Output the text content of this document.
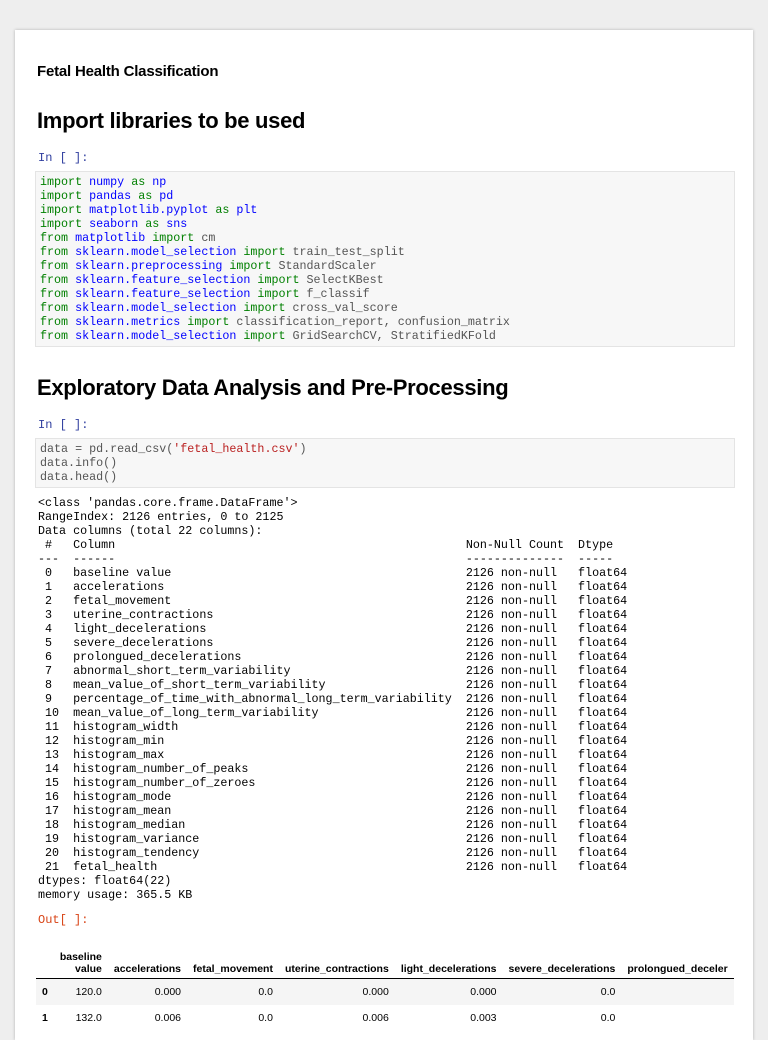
Fetal Health Classification
Import libraries to be used
In [ ]:
import numpy as np
import pandas as pd
import matplotlib.pyplot as plt
import seaborn as sns
from matplotlib import cm
from sklearn.model_selection import train_test_split
from sklearn.preprocessing import StandardScaler
from sklearn.feature_selection import SelectKBest
from sklearn.feature_selection import f_classif
from sklearn.model_selection import cross_val_score
from sklearn.metrics import classification_report, confusion_matrix
from sklearn.model_selection import GridSearchCV, StratifiedKFold
Exploratory Data Analysis and Pre-Processing
In [ ]:
data = pd.read_csv('fetal_health.csv')
data.info()
data.head()
<class 'pandas.core.frame.DataFrame'>
RangeIndex: 2126 entries, 0 to 2125
Data columns (total 22 columns):
#   Column                                                  Non-Null Count  Dtype
---  ------                                                  --------------  -----
0   baseline value                                          2126 non-null   float64
1   accelerations                                           2126 non-null   float64
2   fetal_movement                                          2126 non-null   float64
3   uterine_contractions                                    2126 non-null   float64
4   light_decelerations                                     2126 non-null   float64
5   severe_decelerations                                    2126 non-null   float64
6   prolongued_decelerations                                2126 non-null   float64
7   abnormal_short_term_variability                         2126 non-null   float64
8   mean_value_of_short_term_variability                    2126 non-null   float64
9   percentage_of_time_with_abnormal_long_term_variability  2126 non-null   float64
10  mean_value_of_long_term_variability                     2126 non-null   float64
11  histogram_width                                         2126 non-null   float64
12  histogram_min                                           2126 non-null   float64
13  histogram_max                                           2126 non-null   float64
14  histogram_number_of_peaks                               2126 non-null   float64
15  histogram_number_of_zeroes                              2126 non-null   float64
16  histogram_mode                                          2126 non-null   float64
17  histogram_mean                                          2126 non-null   float64
18  histogram_median                                        2126 non-null   float64
19  histogram_variance                                      2126 non-null   float64
20  histogram_tendency                                      2126 non-null   float64
21  fetal_health                                            2126 non-null   float64
dtypes: float64(22)
memory usage: 365.5 KB
Out[ ]:
	baseline
value	accelerations	fetal_movement	uterine_contractions	light_decelerations	severe_decelerations	prolongued_deceler
0	120.0	0.000	0.0	0.000	0.000	0.0	
1	132.0	0.006	0.0	0.006	0.003	0.0	
